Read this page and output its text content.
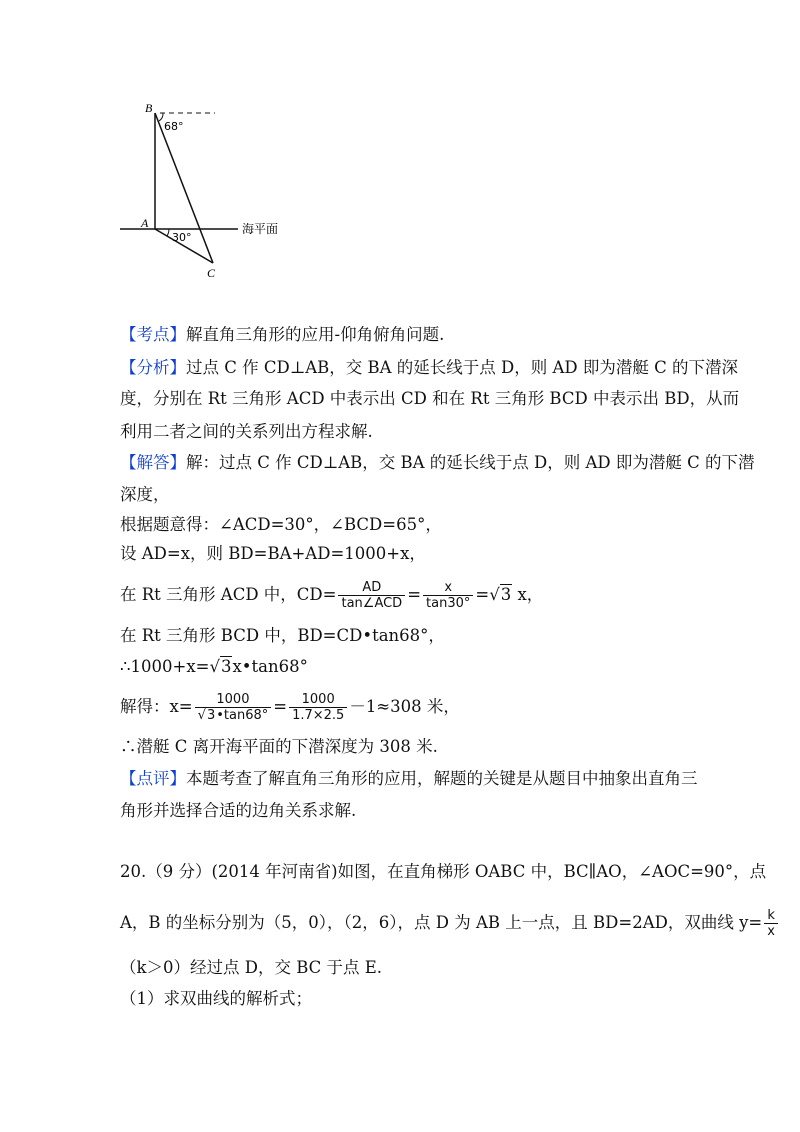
B
A
C
68°
30°
海平面
【考点】解直角三角形的应用-仰角俯角问题.
【分析】过点 C 作 CD⊥AB，交 BA 的延长线于点 D，则 AD 即为潜艇 C 的下潜深
度，分别在 Rt 三角形 ACD 中表示出 CD 和在 Rt 三角形 BCD 中表示出 BD，从而
利用二者之间的关系列出方程求解.
【解答】解：过点 C 作 CD⊥AB，交 BA 的延长线于点 D，则 AD 即为潜艇 C 的下潜
深度，
根据题意得：∠ACD=30°，∠BCD=65°，
设 AD=x，则 BD=BA+AD=1000+x，
在 Rt 三角形 ACD 中，$CD= \frac{AD}{\text{tan∠ACD}} = \frac{x}{\tan 30^\circ} =√3$ x，
在 Rt 三角形 BCD 中，BD=CD•tan68°，
∴1000+x=√3x•tan68°
解得：$x= \frac{1000}{√3•\tan 68^\circ} = \frac{1000}{1.7\times 2.5} -1\approx 308$ 米，
∴潜艇 C 离开海平面的下潜深度为 308 米.
【点评】本题考查了解直角三角形的应用，解题的关键是从题目中抽象出直角三
角形并选择合适的边角关系求解.
20.（9 分）(2014 年河南省)如图，在直角梯形 OABC 中，BC∥AO，∠AOC=90°，点
A，B 的坐标分别为（5，0），（2，6），点 D 为 AB 上一点，且 BD=2AD，双曲线 $y= \frac{k}{x}$
（k＞0）经过点 D，交 BC 于点 E.
（1）求双曲线的解析式；
